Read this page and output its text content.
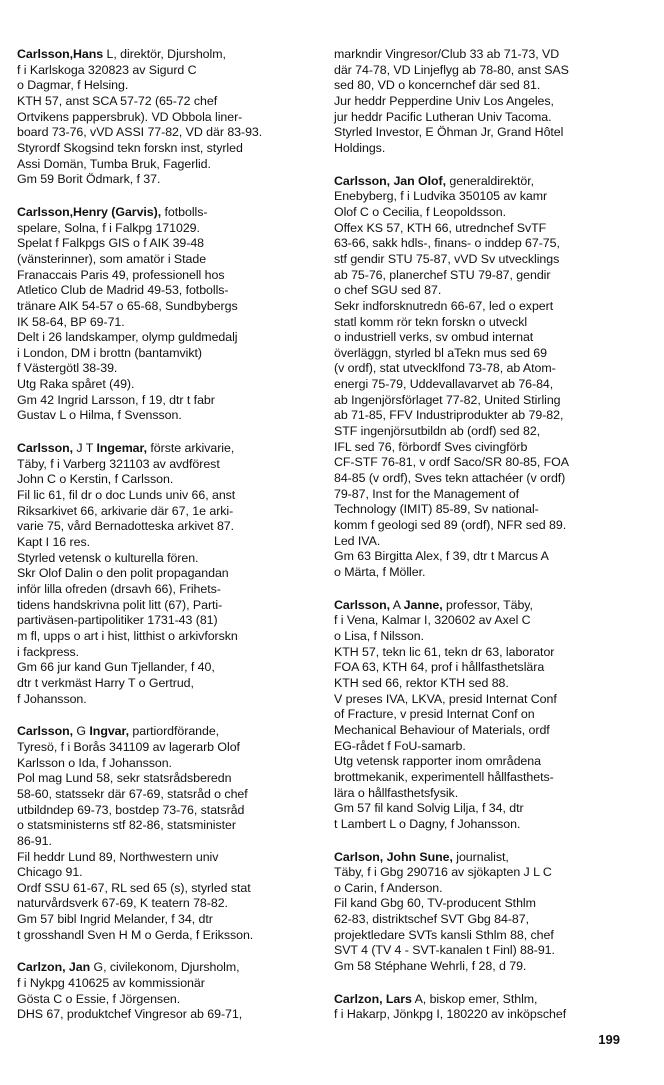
Carlsson,Hans L, direktör, Djursholm,
f i Karlskoga 320823 av Sigurd C
o Dagmar, f Helsing.
KTH 57, anst SCA 57-72 (65-72 chef
Ortvikens pappersbruk). VD Obbola liner-
board 73-76, vVD ASSI 77-82, VD där 83-93.
Styrordf Skogsind tekn forskn inst, styrled
Assi Domän, Tumba Bruk, Fagerlid.
Gm 59 Borit Ödmark, f 37.
Carlsson,Henry (Garvis), fotbolls-
spelare, Solna, f i Falkpg 171029.
Spelat f Falkpgs GIS o f AIK 39-48
(vänsterinner), som amatör i Stade
Franaccais Paris 49, professionell hos
Atletico Club de Madrid 49-53, fotbolls-
tränare AIK 54-57 o 65-68, Sundbybergs
IK 58-64, BP 69-71.
Delt i 26 landskamper, olymp guldmedalj
i London, DM i brottn (bantamvikt)
f Västergötl 38-39.
Utg Raka spåret (49).
Gm 42 Ingrid Larsson, f 19, dtr t fabr
Gustav L o Hilma, f Svensson.
Carlsson, J T Ingemar, förste arkivarie,
Täby, f i Varberg 321103 av avdförest
John C o Kerstin, f Carlsson.
Fil lic 61, fil dr o doc Lunds univ 66, anst
Riksarkivet 66, arkivarie där 67, 1e arki-
varie 75, vård Bernadotteska arkivet 87.
Kapt I 16 res.
Styrled vetensk o kulturella fören.
Skr Olof Dalin o den polit propagandan
inför lilla ofreden (drsavh 66), Frihets-
tidens handskrivna polit litt (67), Parti-
partiväsen-partipolitiker 1731-43 (81)
m fl, upps o art i hist, litthist o arkivforskn
i fackpress.
Gm 66 jur kand Gun Tjellander, f 40,
dtr t verkmäst Harry T o Gertrud,
f Johansson.
Carlsson, G Ingvar, partiordförande,
Tyresö, f i Borås 341109 av lagerarb Olof
Karlsson o Ida, f Johansson.
Pol mag Lund 58, sekr statsrådsberedn
58-60, statssekr där 67-69, statsråd o chef
utbildndep 69-73, bostdep 73-76, statsråd
o statsministerns stf 82-86, statsminister
86-91.
Fil heddr Lund 89, Northwestern univ
Chicago 91.
Ordf SSU 61-67, RL sed 65 (s), styrled stat
naturvårdsverk 67-69, K teatern 78-82.
Gm 57 bibl Ingrid Melander, f 34, dtr
t grosshandl Sven H M o Gerda, f Eriksson.
Carlzon, Jan G, civilekonom, Djursholm,
f i Nykpg 410625 av kommissionär
Gösta C o Essie, f Jörgensen.
DHS 67, produktchef Vingresor ab 69-71,
markndir Vingresor/Club 33 ab 71-73, VD
där 74-78, VD Linjeflyg ab 78-80, anst SAS
sed 80, VD o koncernchef där sed 81.
Jur heddr Pepperdine Univ Los Angeles,
jur heddr Pacific Lutheran Univ Tacoma.
Styrled Investor, E Öhman Jr, Grand Hôtel
Holdings.
Carlsson, Jan Olof, generaldirektör,
Enebyberg, f i Ludvika 350105 av kamr
Olof C o Cecilia, f Leopoldsson.
Offex KS 57, KTH 66, utrednchef SvTF
63-66, sakk hdls-, finans- o inddep 67-75,
stf gendir STU 75-87, vVD Sv utvecklings
ab 75-76, planerchef STU 79-87, gendir
o chef SGU sed 87.
Sekr indforsknutredn 66-67, led o expert
statl komm rör tekn forskn o utveckl
o industriell verks, sv ombud internat
överläggn, styrled bl aTekn mus sed 69
(v ordf), stat utvecklfond 73-78, ab Atom-
energi 75-79, Uddevallavarvet ab 76-84,
ab Ingenjörsförlaget 77-82, United Stirling
ab 71-85, FFV Industriprodukter ab 79-82,
STF ingenjörsutbildn ab (ordf) sed 82,
IFL sed 76, förbordf Sves civingförb
CF-STF 76-81, v ordf Saco/SR 80-85, FOA
84-85 (v ordf), Sves tekn attachéer (v ordf)
79-87, Inst for the Management of
Technology (IMIT) 85-89, Sv national-
komm f geologi sed 89 (ordf), NFR sed 89.
Led IVA.
Gm 63 Birgitta Alex, f 39, dtr t Marcus A
o Märta, f Möller.
Carlsson, A Janne, professor, Täby,
f i Vena, Kalmar I, 320602 av Axel C
o Lisa, f Nilsson.
KTH 57, tekn lic 61, tekn dr 63, laborator
FOA 63, KTH 64, prof i hållfasthetslära
KTH sed 66, rektor KTH sed 88.
V preses IVA, LKVA, presid Internat Conf
of Fracture, v presid Internat Conf on
Mechanical Behaviour of Materials, ordf
EG-rådet f FoU-samarb.
Utg vetensk rapporter inom områdena
brottmekanik, experimentell hållfasthets-
lära o hållfasthetsfysik.
Gm 57 fil kand Solvig Lilja, f 34, dtr
t Lambert L o Dagny, f Johansson.
Carlson, John Sune, journalist,
Täby, f i Gbg 290716 av sjökapten J L C
o Carin, f Anderson.
Fil kand Gbg 60, TV-producent Sthlm
62-83, distriktschef SVT Gbg 84-87,
projektledare SVTs kansli Sthlm 88, chef
SVT 4 (TV 4 - SVT-kanalen t Finl) 88-91.
Gm 58 Stéphane Wehrli, f 28, d 79.
Carlzon, Lars A, biskop emer, Sthlm,
f i Hakarp, Jönkpg I, 180220 av inköpschef
199
